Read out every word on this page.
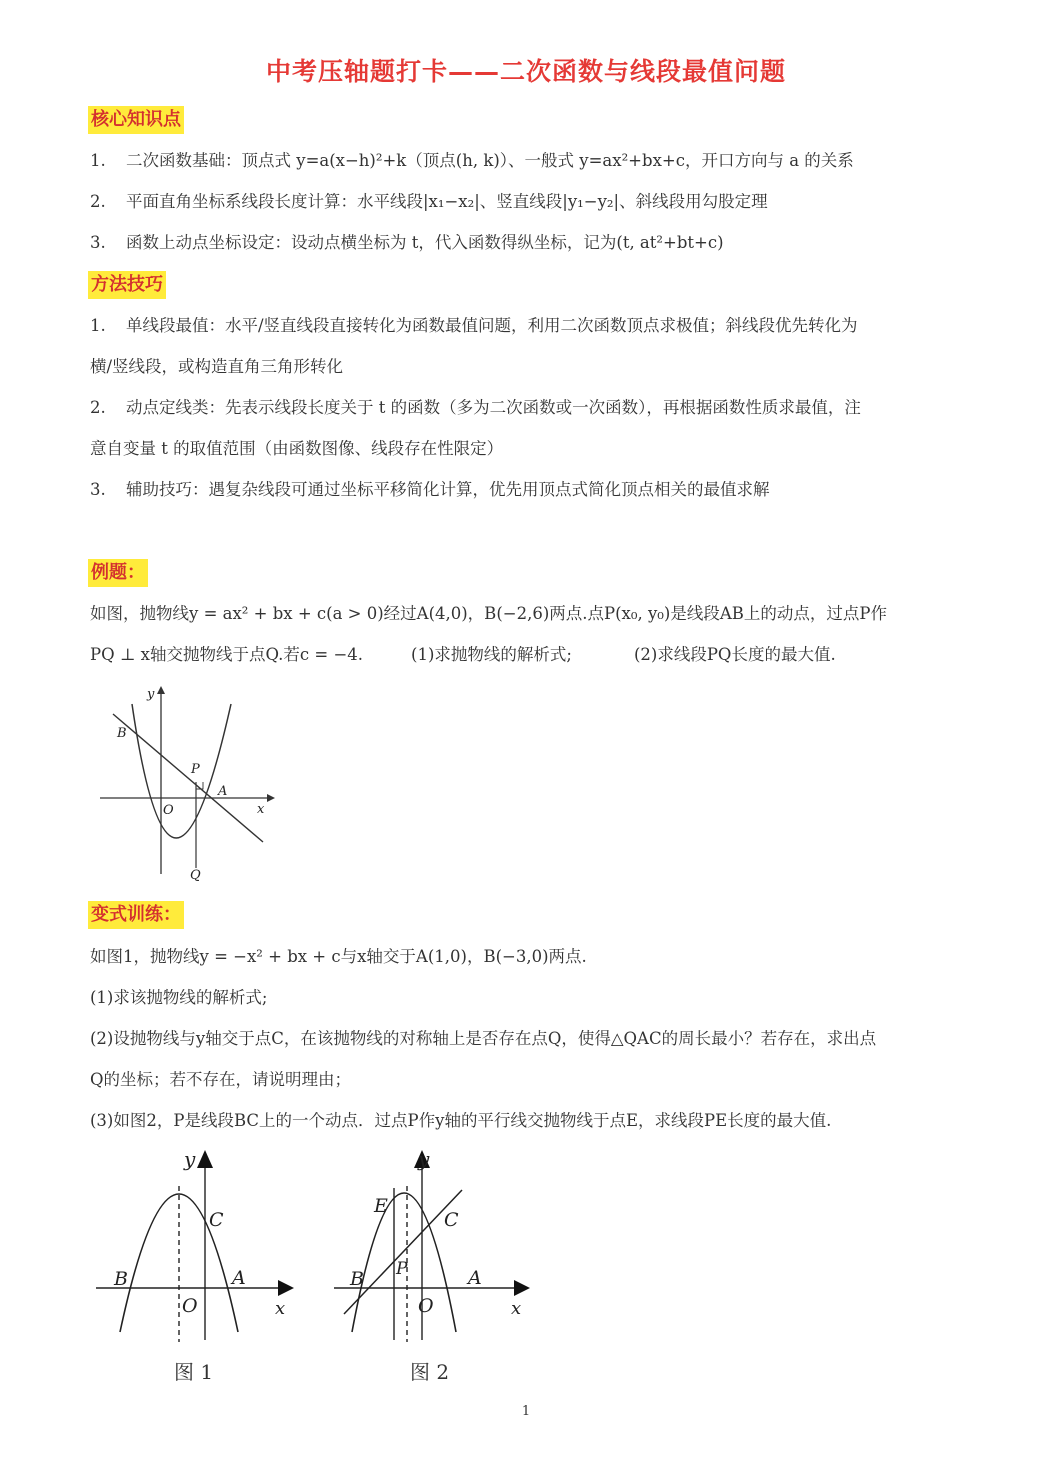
中考压轴题打卡——二次函数与线段最值问题
核心知识点
1. 二次函数基础：顶点式 y=a(x−h)²+k（顶点(h, k)）、一般式 y=ax²+bx+c，开口方向与 a 的关系
2. 平面直角坐标系线段长度计算：水平线段|x₁−x₂|、竖直线段|y₁−y₂|、斜线段用勾股定理
3. 函数上动点坐标设定：设动点横坐标为 t，代入函数得纵坐标，记为(t, at²+bt+c)
方法技巧
1. 单线段最值：水平/竖直线段直接转化为函数最值问题，利用二次函数顶点求极值；斜线段优先转化为
横/竖线段，或构造直角三角形转化
2. 动点定线类：先表示线段长度关于 t 的函数（多为二次函数或一次函数），再根据函数性质求最值，注
意自变量 t 的取值范围（由函数图像、线段存在性限定）
3. 辅助技巧：遇复杂线段可通过坐标平移简化计算，优先用顶点式简化顶点相关的最值求解
例题：
如图，抛物线y = ax² + bx + c(a > 0)经过A(4,0)，B(−2,6)两点.点P(x₀, y₀)是线段AB上的动点，过点P作
PQ ⊥ x轴交抛物线于点Q.若c = −4.	(1)求抛物线的解析式;	(2)求线段PQ长度的最大值.
y
x
O
A
B
P
Q
变式训练：
如图1，抛物线y = −x² + bx + c与x轴交于A(1,0)，B(−3,0)两点.
(1)求该抛物线的解析式;
(2)设抛物线与y轴交于点C，在该抛物线的对称轴上是否存在点Q，使得△QAC的周长最小？若存在，求出点
Q的坐标；若不存在，请说明理由；
(3)如图2，P是线段BC上的一个动点．过点P作y轴的平行线交抛物线于点E，求线段PE长度的最大值.
y
x
O
A
B
C
图 1
y
x
O
A
B
C
E
P
图 2
1
